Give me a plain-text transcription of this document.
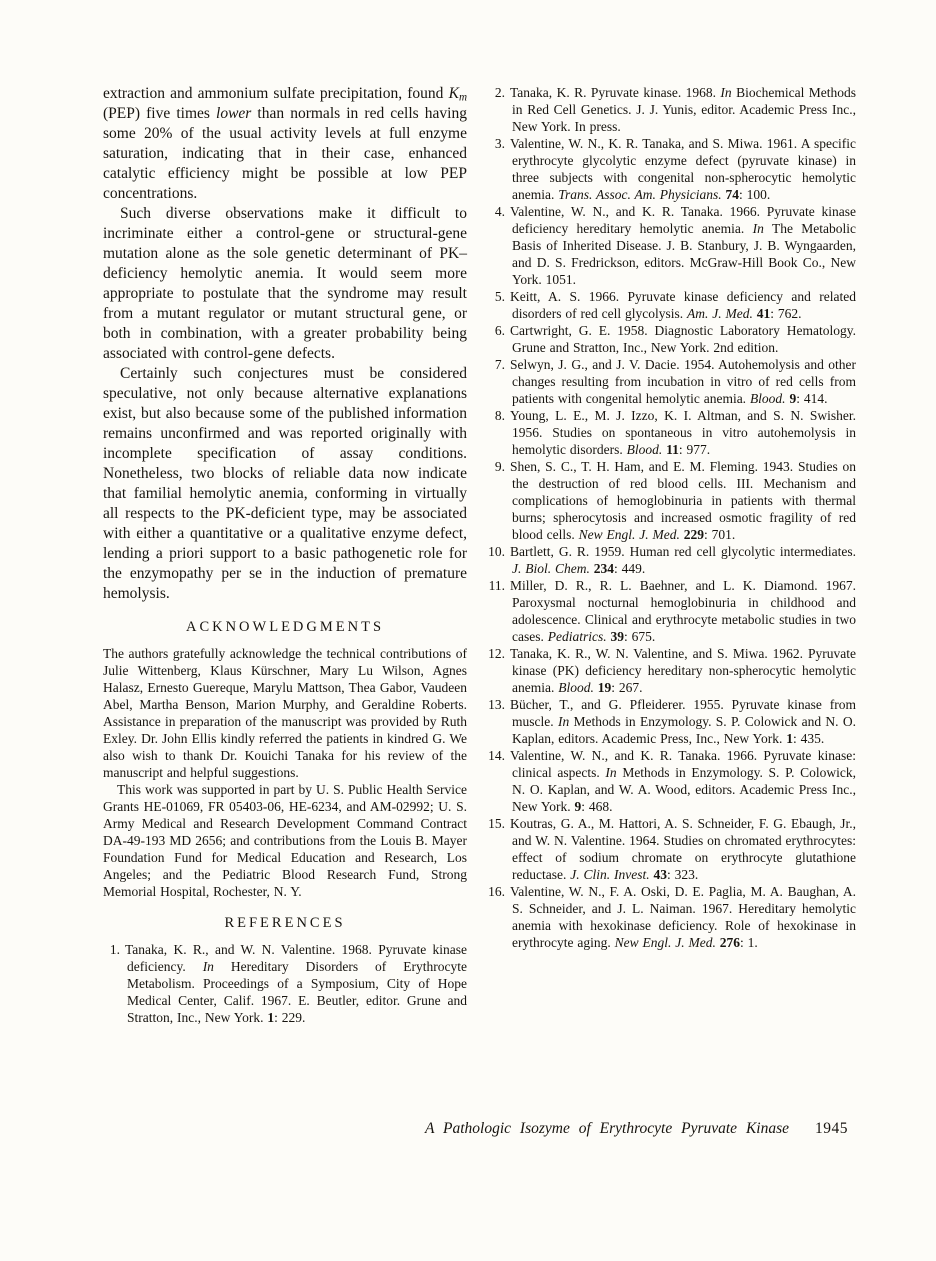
extraction and ammonium sulfate precipitation, found $K_m$ (PEP) five times lower than normals in red cells having some 20% of the usual activity levels at full enzyme saturation, indicating that in their case, enhanced catalytic efficiency might be possible at low PEP concentrations.

Such diverse observations make it difficult to incriminate either a control-gene or structural-gene mutation alone as the sole genetic determinant of PK–deficiency hemolytic anemia. It would seem more appropriate to postulate that the syndrome may result from a mutant regulator or mutant structural gene, or both in combination, with a greater probability being associated with control-gene defects.

Certainly such conjectures must be considered speculative, not only because alternative explanations exist, but also because some of the published information remains unconfirmed and was reported originally with incomplete specification of assay conditions. Nonetheless, two blocks of reliable data now indicate that familial hemolytic anemia, conforming in virtually all respects to the PK-deficient type, may be associated with either a quantitative or a qualitative enzyme defect, lending a priori support to a basic pathogenetic role for the enzymopathy per se in the induction of premature hemolysis.

ACKNOWLEDGMENTS

The authors gratefully acknowledge the technical contributions of Julie Wittenberg, Klaus Kürschner, Mary Lu Wilson, Agnes Halasz, Ernesto Guereque, Marylu Mattson, Thea Gabor, Vaudeen Abel, Martha Benson, Marion Murphy, and Geraldine Roberts. Assistance in preparation of the manuscript was provided by Ruth Exley. Dr. John Ellis kindly referred the patients in kindred G. We also wish to thank Dr. Kouichi Tanaka for his review of the manuscript and helpful suggestions.

This work was supported in part by U. S. Public Health Service Grants HE-01069, FR 05403-06, HE-6234, and AM-02992; U. S. Army Medical and Research Development Command Contract DA-49-193 MD 2656; and contributions from the Louis B. Mayer Foundation Fund for Medical Education and Research, Los Angeles; and the Pediatric Blood Research Fund, Strong Memorial Hospital, Rochester, N. Y.

REFERENCES
1. Tanaka, K. R., and W. N. Valentine. 1968. Pyruvate kinase deficiency. In Hereditary Disorders of Erythrocyte Metabolism. Proceedings of a Symposium, City of Hope Medical Center, Calif. 1967. E. Beutler, editor. Grune and Stratton, Inc., New York. 1: 229.
2. Tanaka, K. R. Pyruvate kinase. 1968. In Biochemical Methods in Red Cell Genetics. J. J. Yunis, editor. Academic Press Inc., New York. In press.
3. Valentine, W. N., K. R. Tanaka, and S. Miwa. 1961. A specific erythrocyte glycolytic enzyme defect (pyruvate kinase) in three subjects with congenital non-spherocytic hemolytic anemia. Trans. Assoc. Am. Physicians. 74: 100.
4. Valentine, W. N., and K. R. Tanaka. 1966. Pyruvate kinase deficiency hereditary hemolytic anemia. In The Metabolic Basis of Inherited Disease. J. B. Stanbury, J. B. Wyngaarden, and D. S. Fredrickson, editors. McGraw-Hill Book Co., New York. 1051.
5. Keitt, A. S. 1966. Pyruvate kinase deficiency and related disorders of red cell glycolysis. Am. J. Med. 41: 762.
6. Cartwright, G. E. 1958. Diagnostic Laboratory Hematology. Grune and Stratton, Inc., New York. 2nd edition.
7. Selwyn, J. G., and J. V. Dacie. 1954. Autohemolysis and other changes resulting from incubation in vitro of red cells from patients with congenital hemolytic anemia. Blood. 9: 414.
8. Young, L. E., M. J. Izzo, K. I. Altman, and S. N. Swisher. 1956. Studies on spontaneous in vitro autohemolysis in hemolytic disorders. Blood. 11: 977.
9. Shen, S. C., T. H. Ham, and E. M. Fleming. 1943. Studies on the destruction of red blood cells. III. Mechanism and complications of hemoglobinuria in patients with thermal burns; spherocytosis and increased osmotic fragility of red blood cells. New Engl. J. Med. 229: 701.
10. Bartlett, G. R. 1959. Human red cell glycolytic intermediates. J. Biol. Chem. 234: 449.
11. Miller, D. R., R. L. Baehner, and L. K. Diamond. 1967. Paroxysmal nocturnal hemoglobinuria in childhood and adolescence. Clinical and erythrocyte metabolic studies in two cases. Pediatrics. 39: 675.
12. Tanaka, K. R., W. N. Valentine, and S. Miwa. 1962. Pyruvate kinase (PK) deficiency hereditary non-spherocytic hemolytic anemia. Blood. 19: 267.
13. Bücher, T., and G. Pfleiderer. 1955. Pyruvate kinase from muscle. In Methods in Enzymology. S. P. Colowick and N. O. Kaplan, editors. Academic Press, Inc., New York. 1: 435.
14. Valentine, W. N., and K. R. Tanaka. 1966. Pyruvate kinase: clinical aspects. In Methods in Enzymology. S. P. Colowick, N. O. Kaplan, and W. A. Wood, editors. Academic Press Inc., New York. 9: 468.
15. Koutras, G. A., M. Hattori, A. S. Schneider, F. G. Ebaugh, Jr., and W. N. Valentine. 1964. Studies on chromated erythrocytes: effect of sodium chromate on erythrocyte glutathione reductase. J. Clin. Invest. 43: 323.
16. Valentine, W. N., F. A. Oski, D. E. Paglia, M. A. Baughan, A. S. Schneider, and J. L. Naiman. 1967. Hereditary hemolytic anemia with hexokinase deficiency. Role of hexokinase in erythrocyte aging. New Engl. J. Med. 276: 1.
A Pathologic Isozyme of Erythrocyte Pyruvate Kinase 1945
